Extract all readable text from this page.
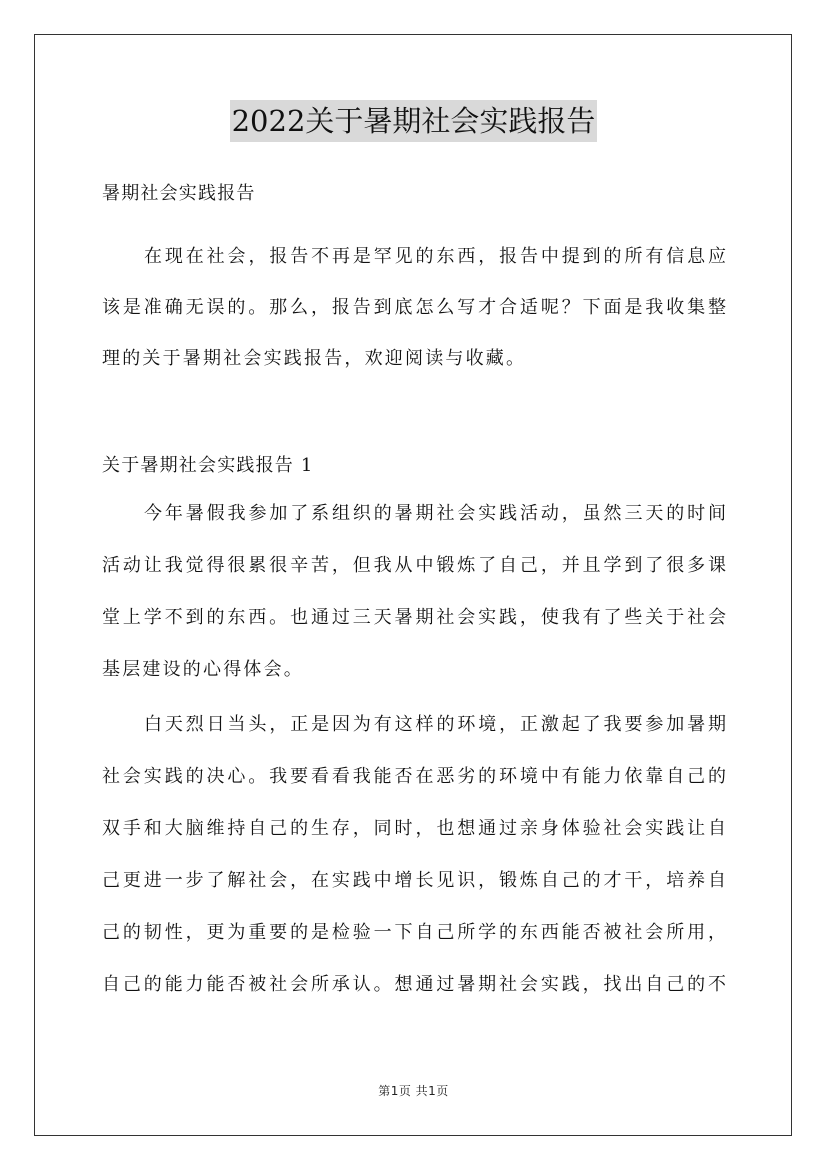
2022关于暑期社会实践报告
暑期社会实践报告
在现在社会，报告不再是罕见的东西，报告中提到的所有信息应
该是准确无误的。那么，报告到底怎么写才合适呢？下面是我收集整
理的关于暑期社会实践报告，欢迎阅读与收藏。
关于暑期社会实践报告 1
今年暑假我参加了系组织的暑期社会实践活动，虽然三天的时间
活动让我觉得很累很辛苦，但我从中锻炼了自己，并且学到了很多课
堂上学不到的东西。也通过三天暑期社会实践，使我有了些关于社会
基层建设的心得体会。
白天烈日当头，正是因为有这样的环境，正激起了我要参加暑期
社会实践的决心。我要看看我能否在恶劣的环境中有能力依靠自己的
双手和大脑维持自己的生存，同时，也想通过亲身体验社会实践让自
己更进一步了解社会，在实践中增长见识，锻炼自己的才干，培养自
己的韧性，更为重要的是检验一下自己所学的东西能否被社会所用，
自己的能力能否被社会所承认。想通过暑期社会实践，找出自己的不
第1页 共1页
